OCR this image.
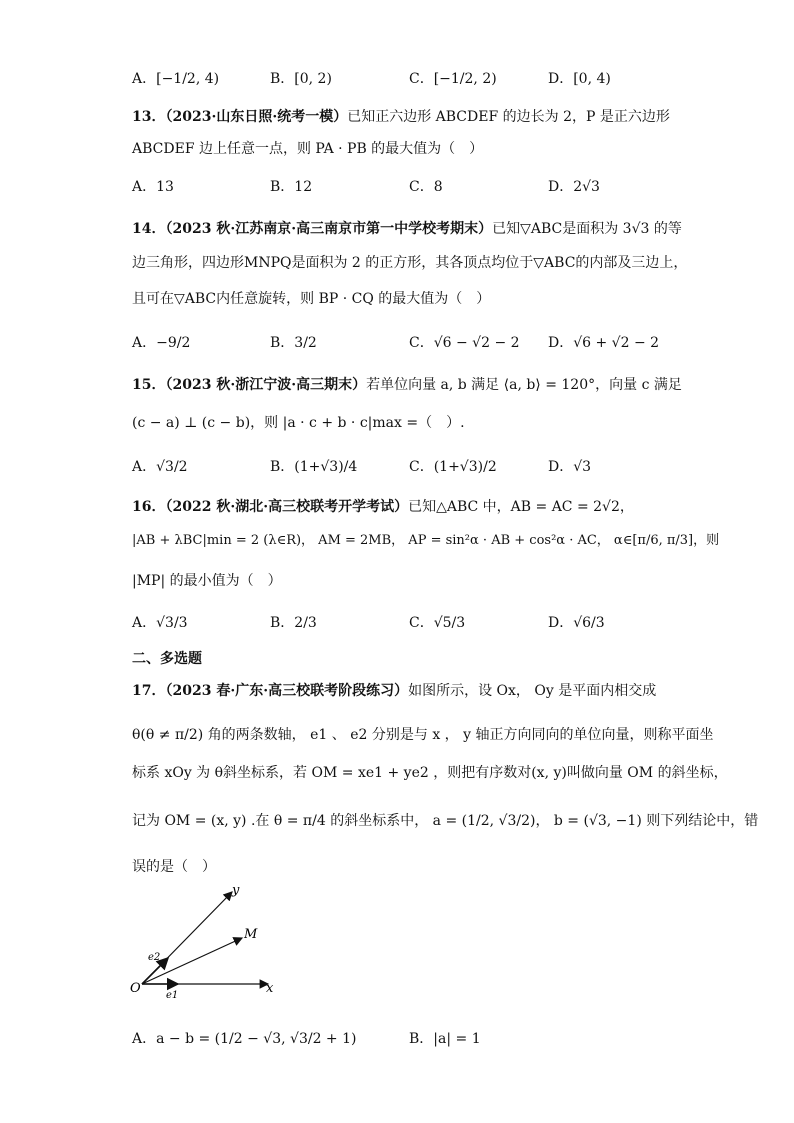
A．[−1/2, 4)	B．[0, 2)	C．[−1/2, 2)	D．[0, 4)
13．（2023·山东日照·统考一模）已知正六边形 ABCDEF 的边长为 2，P 是正六边形
ABCDEF 边上任意一点，则 PA · PB 的最大值为（　）
A．13	B．12	C．8	D．2√3
14．（2023 秋·江苏南京·高三南京市第一中学校考期末）已知▽ABC是面积为 3√3 的等
边三角形，四边形MNPQ是面积为 2 的正方形，其各顶点均位于▽ABC的内部及三边上，
且可在▽ABC内任意旋转，则 BP · CQ 的最大值为（　）
A．−9/2	B．3/2	C．√6 − √2 − 2 D．√6 + √2 − 2
15．（2023 秋·浙江宁波·高三期末）若单位向量 a, b 满足 ⟨a, b⟩ = 120°，向量 c 满足
(c − a) ⊥ (c − b)，则 |a · c + b · c|max =（　）.
A．√3/2	B．(1+√3)/4	C．(1+√3)/2	D．√3
16．（2022 秋·湖北·高三校联考开学考试）已知△ABC 中，AB = AC = 2√2，
|AB + λBC|min = 2 (λ∈R)， AM = 2MB， AP = sin²α · AB + cos²α · AC， α∈[π/6, π/3]，则
|MP| 的最小值为（　）
A．√3/3	B．2/3	C．√5/3	D．√6/3
二、多选题
17．（2023 春·广东·高三校联考阶段练习）如图所示，设 Ox， Oy 是平面内相交成
θ(θ ≠ π/2) 角的两条数轴， e1 、 e2 分别是与 x ， y 轴正方向同向的单位向量，则称平面坐
标系 xOy 为 θ斜坐标系，若 OM = xe1 + ye2 ，则把有序数对(x, y)叫做向量 OM 的斜坐标，
记为 OM = (x, y) .在 θ = π/4 的斜坐标系中， a = (1/2, √3/2)， b = (√3, −1) 则下列结论中，错
误的是（　）
O	x
y
M
e1
e2
A．a − b = (1/2 − √3, √3/2 + 1)	B．|a| = 1
